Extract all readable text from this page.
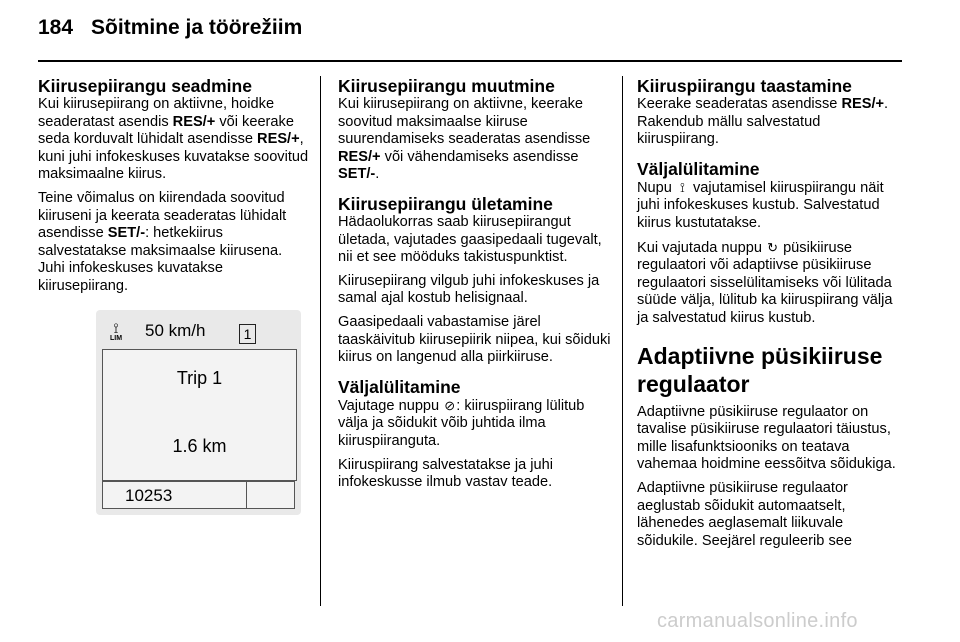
184 Sõitmine ja töörežiim
Kiirusepiirangu seadmine

Kui kiirusepiirang on aktiivne, hoidke seaderatast asendis RES/+ või keerake seda korduvalt lühidalt asendisse RES/+, kuni juhi infokeskuses kuvatakse soovitud maksimaalne kiirus.

Teine võimalus on kiirendada soovitud kiiruseni ja keerata seaderatas lühidalt asendisse SET/-: hetkekiirus salvestatakse maksimaalse kiirusena. Juhi infokeskuses kuvatakse kiirusepiirang.

⟟
LIM 50 km/h	1
Trip 1
1.6 km
10253
Kiirusepiirangu muutmine

Kui kiirusepiirang on aktiivne, keerake soovitud maksimaalse kiiruse suurendamiseks seaderatas asendisse RES/+ või vähendamiseks asendisse SET/-.

Kiirusepiirangu ületamine

Hädaolukorras saab kiirusepiirangut ületada, vajutades gaasipedaali tugevalt, nii et see mööduks takistuspunktist.

Kiirusepiirang vilgub juhi infokeskuses ja samal ajal kostub helisignaal.

Gaasipedaali vabastamise järel taaskäivitub kiirusepiirik niipea, kui sõiduki kiirus on langenud alla piirkiiruse.

Väljalülitamine

Vajutage nuppu ⊘: kiiruspiirang lülitub välja ja sõidukit võib juhtida ilma kiiruspiiranguta.

Kiiruspiirang salvestatakse ja juhi infokeskusse ilmub vastav teade.

Kiiruspiirangu taastamine

Keerake seaderatas asendisse RES/+. Rakendub mällu salvestatud kiiruspiirang.

Väljalülitamine

Nupu ⟟ vajutamisel kiiruspiirangu näit juhi infokeskuses kustub. Salvestatud kiirus kustutatakse.

Kui vajutada nuppu ↻ püsikiiruse regulaatori või adaptiivse püsikiiruse regulaatori sisselülitamiseks või lülitada süüde välja, lülitub ka kiiruspiirang välja ja salvestatud kiirus kustub.

Adaptiivne püsikiiruse regulaator

Adaptiivne püsikiiruse regulaator on tavalise püsikiiruse regulaatori täiustus, mille lisafunktsiooniks on teatava vahemaa hoidmine eessõitva sõidukiga.

Adaptiivne püsikiiruse regulaator aeglustab sõidukit automaatselt, lähenedes aeglasemalt liikuvale sõidukile. Seejärel reguleerib see

carmanualsonline.info
